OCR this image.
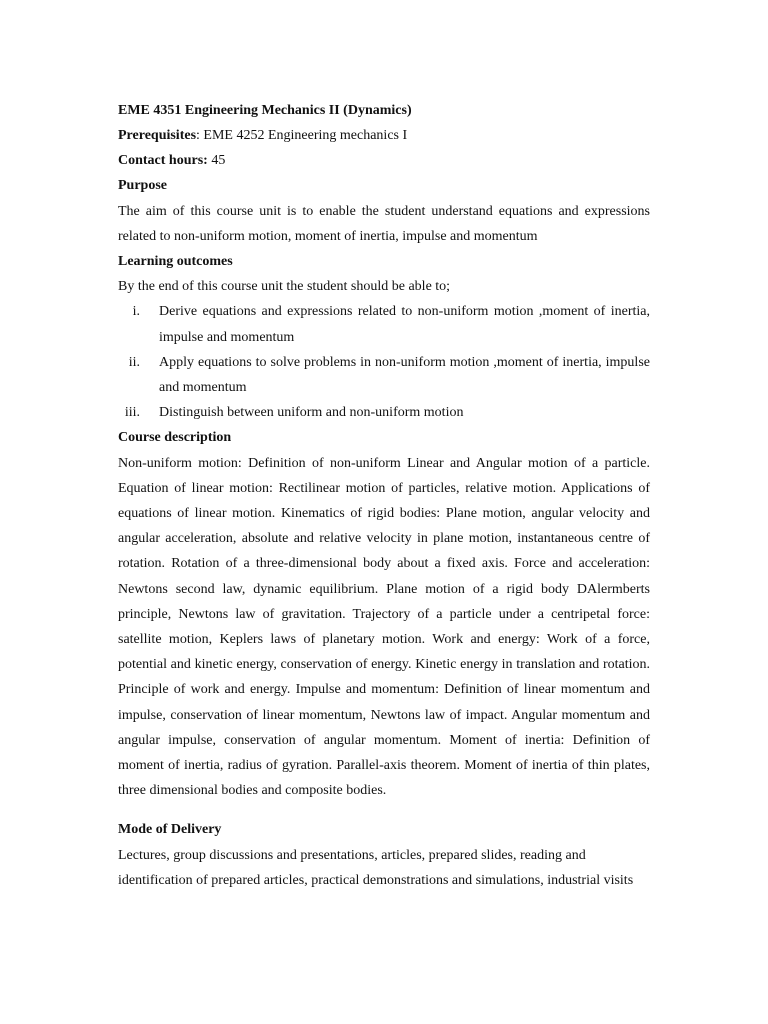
EME 4351 Engineering Mechanics II (Dynamics)

Prerequisites: EME 4252 Engineering mechanics I

Contact hours: 45

Purpose

The aim of this course unit is to enable the student understand equations and expressions related to non-uniform motion, moment of inertia, impulse and momentum

Learning outcomes

By the end of this course unit the student should be able to;

i. Derive equations and expressions related to non-uniform motion ,moment of inertia, impulse and momentum
ii. Apply equations to solve problems in non-uniform motion ,moment of inertia, impulse and momentum
iii. Distinguish between uniform and non-uniform motion

Course description

Non-uniform motion: Definition of non-uniform Linear and Angular motion of a particle. Equation of linear motion: Rectilinear motion of particles, relative motion. Applications of equations of linear motion. Kinematics of rigid bodies: Plane motion, angular velocity and angular acceleration, absolute and relative velocity in plane motion, instantaneous centre of rotation. Rotation of a three-dimensional body about a fixed axis. Force and acceleration: Newtons second law, dynamic equilibrium. Plane motion of a rigid body DAlermberts principle, Newtons law of gravitation. Trajectory of a particle under a centripetal force: satellite motion, Keplers laws of planetary motion. Work and energy: Work of a force, potential and kinetic energy, conservation of energy. Kinetic energy in translation and rotation. Principle of work and energy. Impulse and momentum: Definition of linear momentum and impulse, conservation of linear momentum, Newtons law of impact. Angular momentum and angular impulse, conservation of angular momentum. Moment of inertia: Definition of moment of inertia, radius of gyration. Parallel-axis theorem. Moment of inertia of thin plates, three dimensional bodies and composite bodies.

Mode of Delivery

Lectures, group discussions and presentations, articles, prepared slides, reading and

identification of prepared articles, practical demonstrations and simulations, industrial visits
